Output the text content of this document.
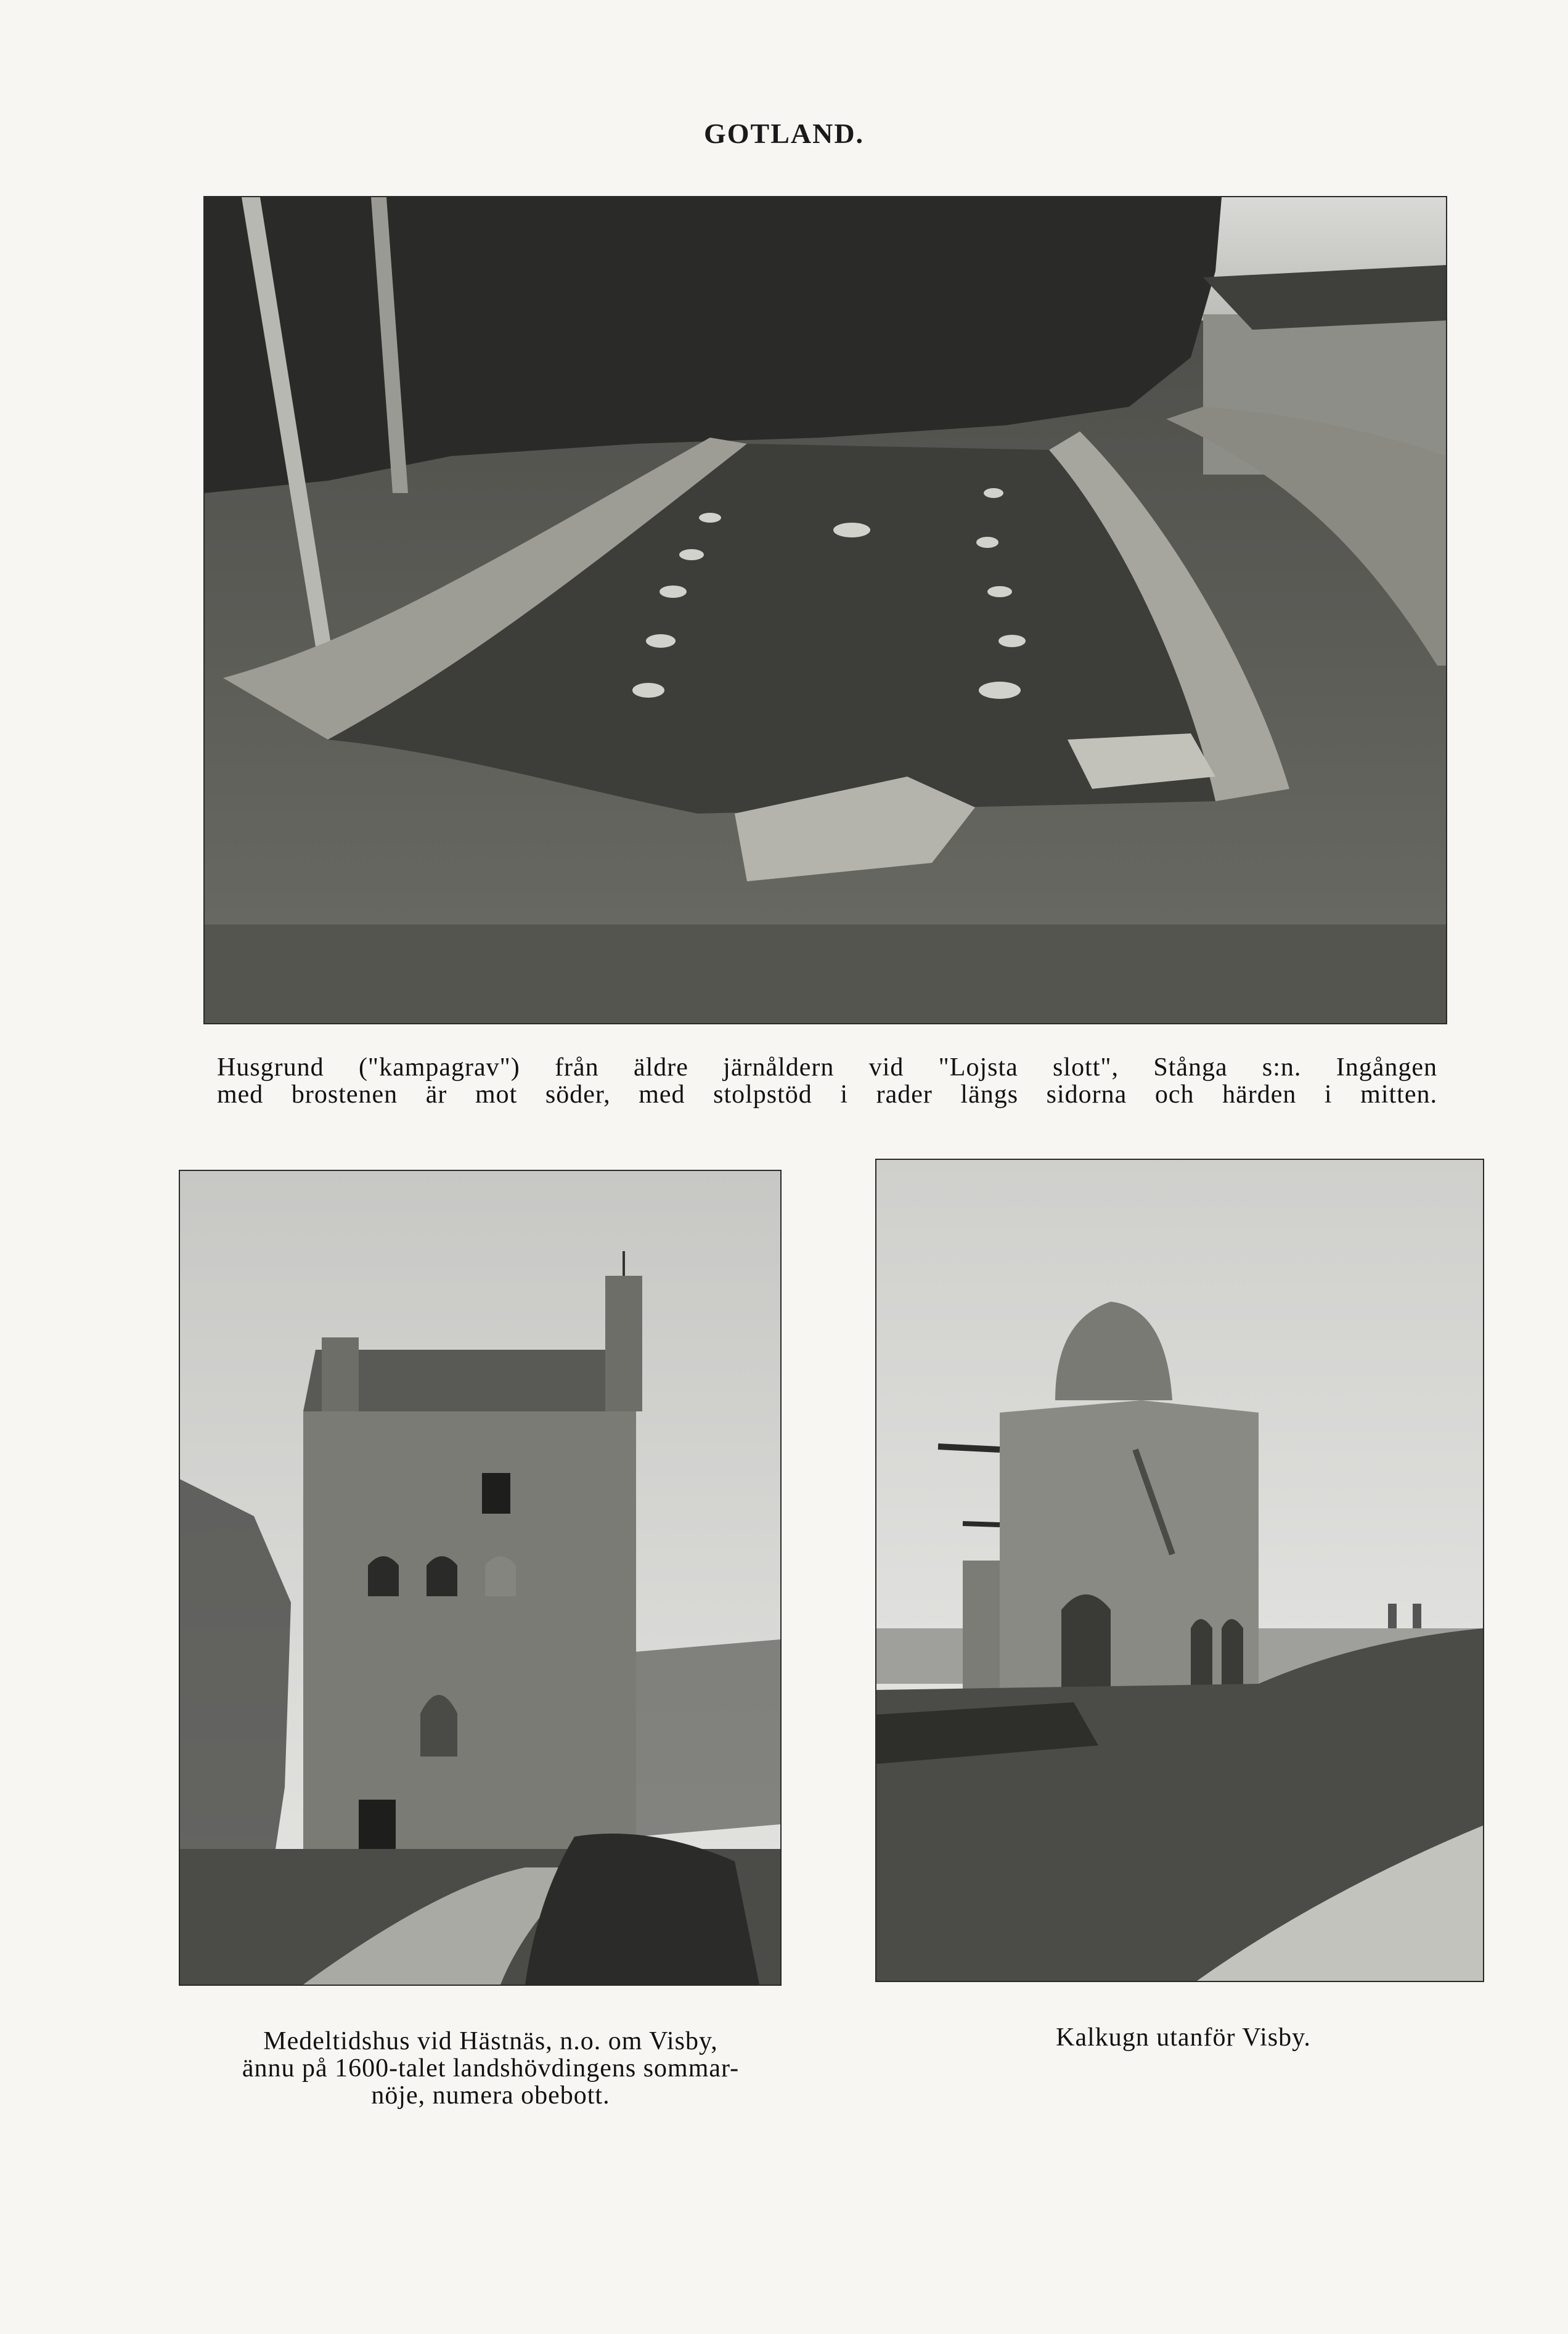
GOTLAND.
Husgrund ("kampagrav") från äldre järnåldern vid "Lojsta slott", Stånga s:n. Ingången
med brostenen är mot söder, med stolpstöd i rader längs sidorna och härden i mitten.
Medeltidshus vid Hästnäs, n.o. om Visby,
ännu på 1600-talet landshövdingens sommar-
nöje, numera obebott.
Kalkugn utanför Visby.
